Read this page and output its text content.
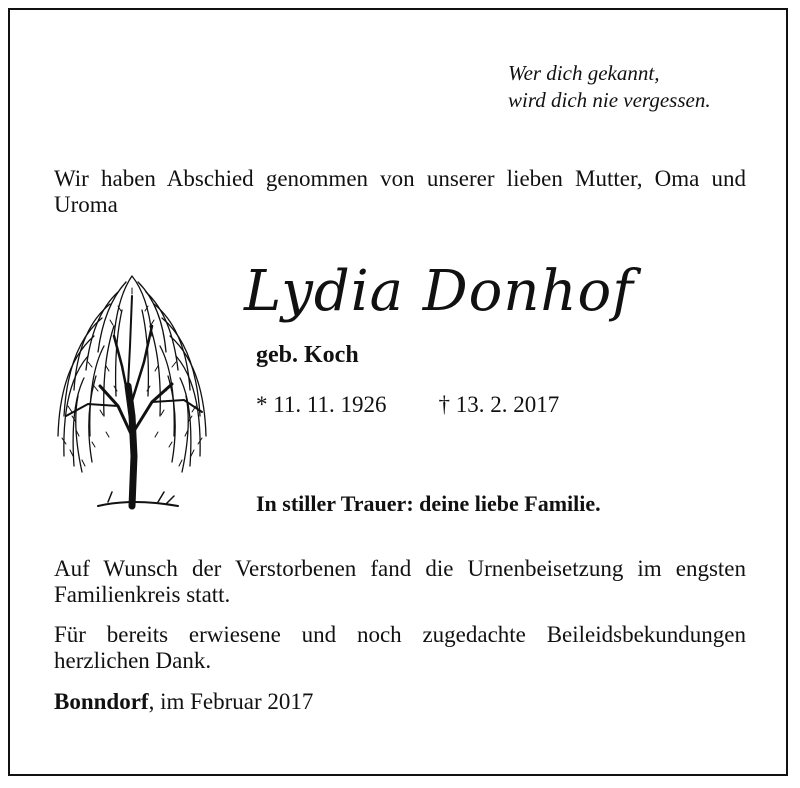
Wer dich gekannt,
wird dich nie vergessen.
Wir haben Abschied genommen von unserer lieben Mutter, Oma und Uroma
Lydia Donhof
geb. Koch
* 11. 11. 1926 † 13. 2. 2017
In stiller Trauer: deine liebe Familie.
Auf Wunsch der Verstorbenen fand die Urnenbeisetzung im engsten Familienkreis statt.
Für bereits erwiesene und noch zugedachte Beileidsbekundungen herzlichen Dank.
Bonndorf, im Februar 2017
